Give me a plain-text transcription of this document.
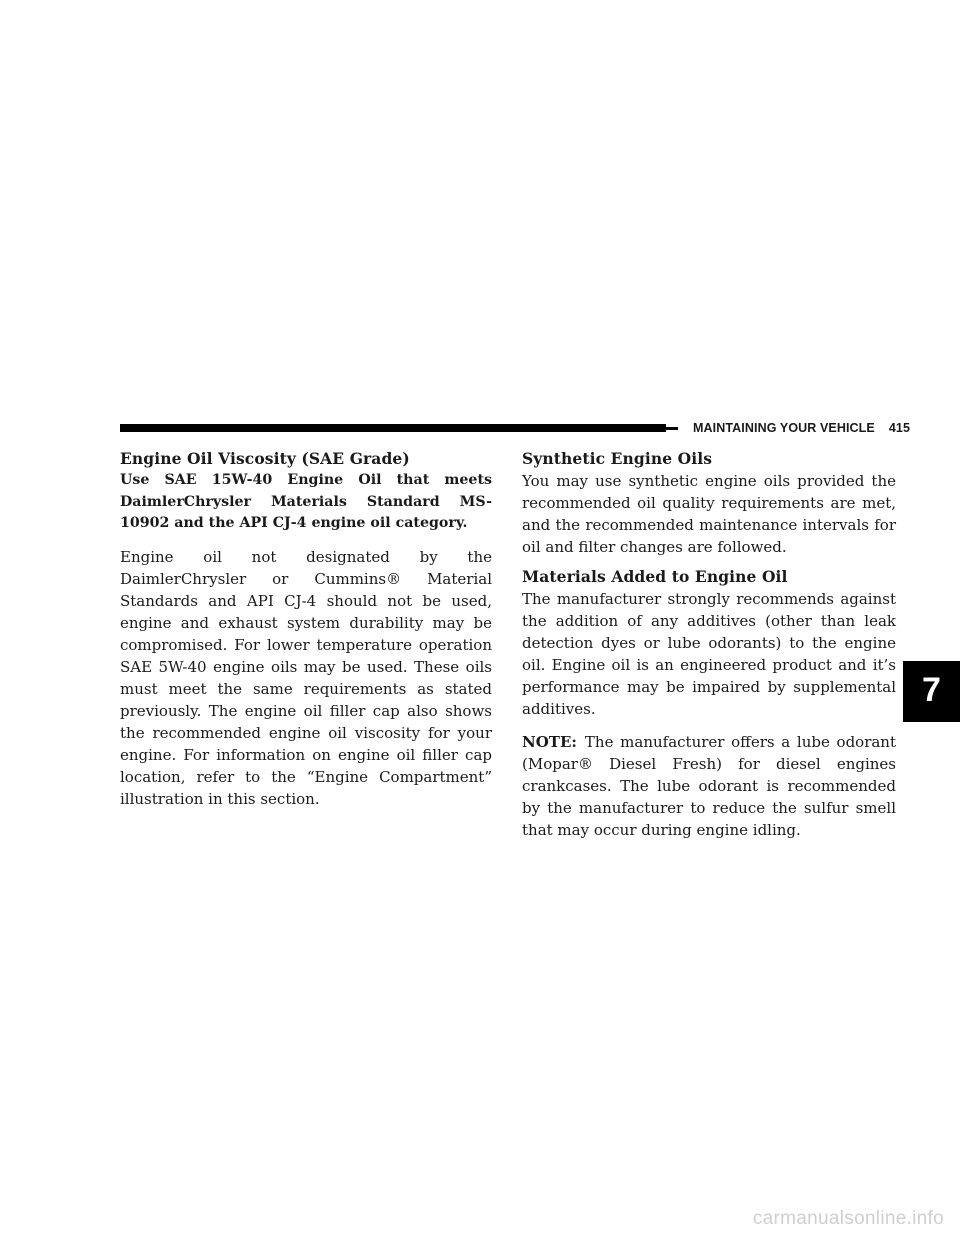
MAINTAINING YOUR VEHICLE 415
Engine Oil Viscosity (SAE Grade)

Use SAE 15W-40 Engine Oil that meets DaimlerChrysler Materials Standard MS-10902 and the API CJ-4 engine oil category.

Engine oil not designated by the DaimlerChrysler or Cummins® Material Standards and API CJ-4 should not be used, engine and exhaust system durability may be compromised. For lower temperature operation SAE 5W-40 engine oils may be used. These oils must meet the same requirements as stated previously. The engine oil filler cap also shows the recommended engine oil viscosity for your engine. For information on engine oil filler cap location, refer to the “Engine Compartment” illustration in this section.

Synthetic Engine Oils

You may use synthetic engine oils provided the recommended oil quality requirements are met, and the recommended maintenance intervals for oil and filter changes are followed.

Materials Added to Engine Oil

The manufacturer strongly recommends against the addition of any additives (other than leak detection dyes or lube odorants) to the engine oil. Engine oil is an engineered product and it’s performance may be impaired by supplemental additives.

NOTE: The manufacturer offers a lube odorant (Mopar® Diesel Fresh) for diesel engines crankcases. The lube odorant is recommended by the manufacturer to reduce the sulfur smell that may occur during engine idling.

7
carmanualsonline.info
